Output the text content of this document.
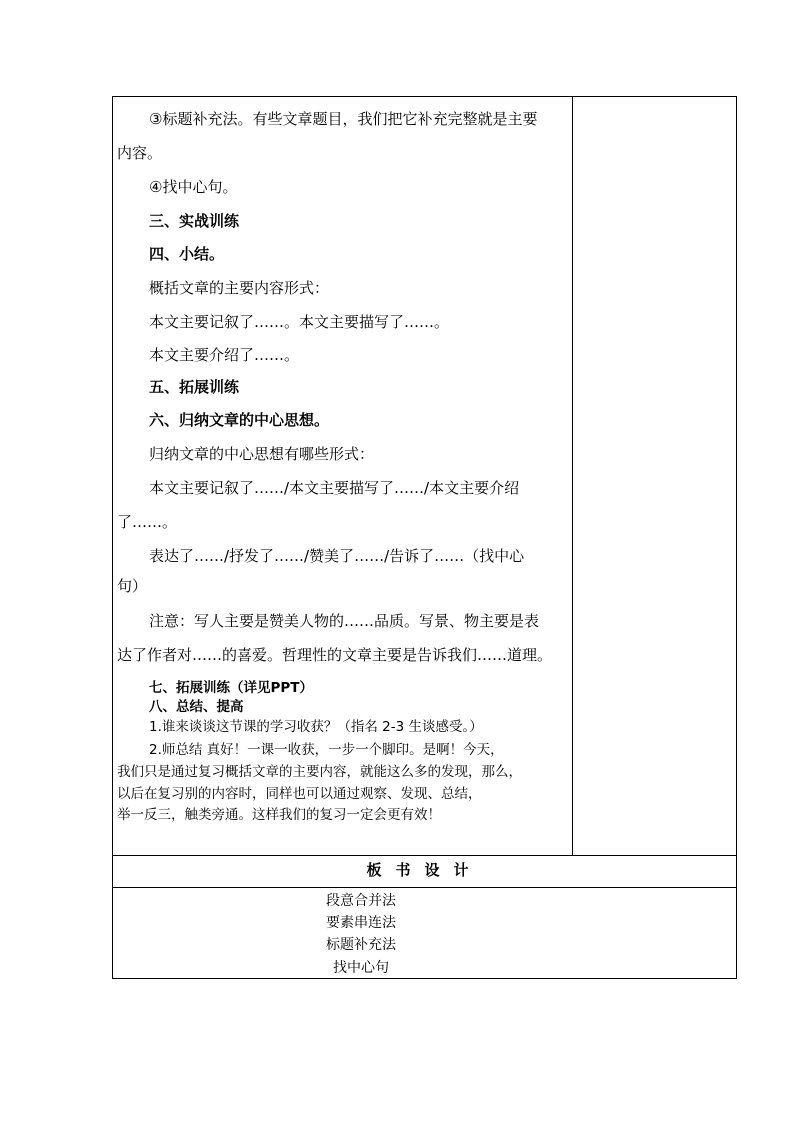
③标题补充法。有些文章题目，我们把它补充完整就是主要
内容。
④找中心句。
三、实战训练
四、小结。
概括文章的主要内容形式：
本文主要记叙了……。本文主要描写了……。
本文主要介绍了……。
五、拓展训练
六、归纳文章的中心思想。
归纳文章的中心思想有哪些形式：
本文主要记叙了……/本文主要描写了……/本文主要介绍
了……。
表达了……/抒发了……/赞美了……/告诉了……（找中心
句）
注意：写人主要是赞美人物的……品质。写景、物主要是表
达了作者对……的喜爱。哲理性的文章主要是告诉我们……道理。
七、拓展训练（详见PPT）
八、总结、提高
1.谁来谈谈这节课的学习收获？（指名 2-3 生谈感受。）
2.师总结 真好！一课一收获，一步一个脚印。是啊！今天，
我们只是通过复习概括文章的主要内容，就能这么多的发现，那么，
以后在复习别的内容时，同样也可以通过观察、发现、总结，
举一反三，触类旁通。这样我们的复习一定会更有效！
板书设计
段意合并法
要素串连法
标题补充法
找中心句
